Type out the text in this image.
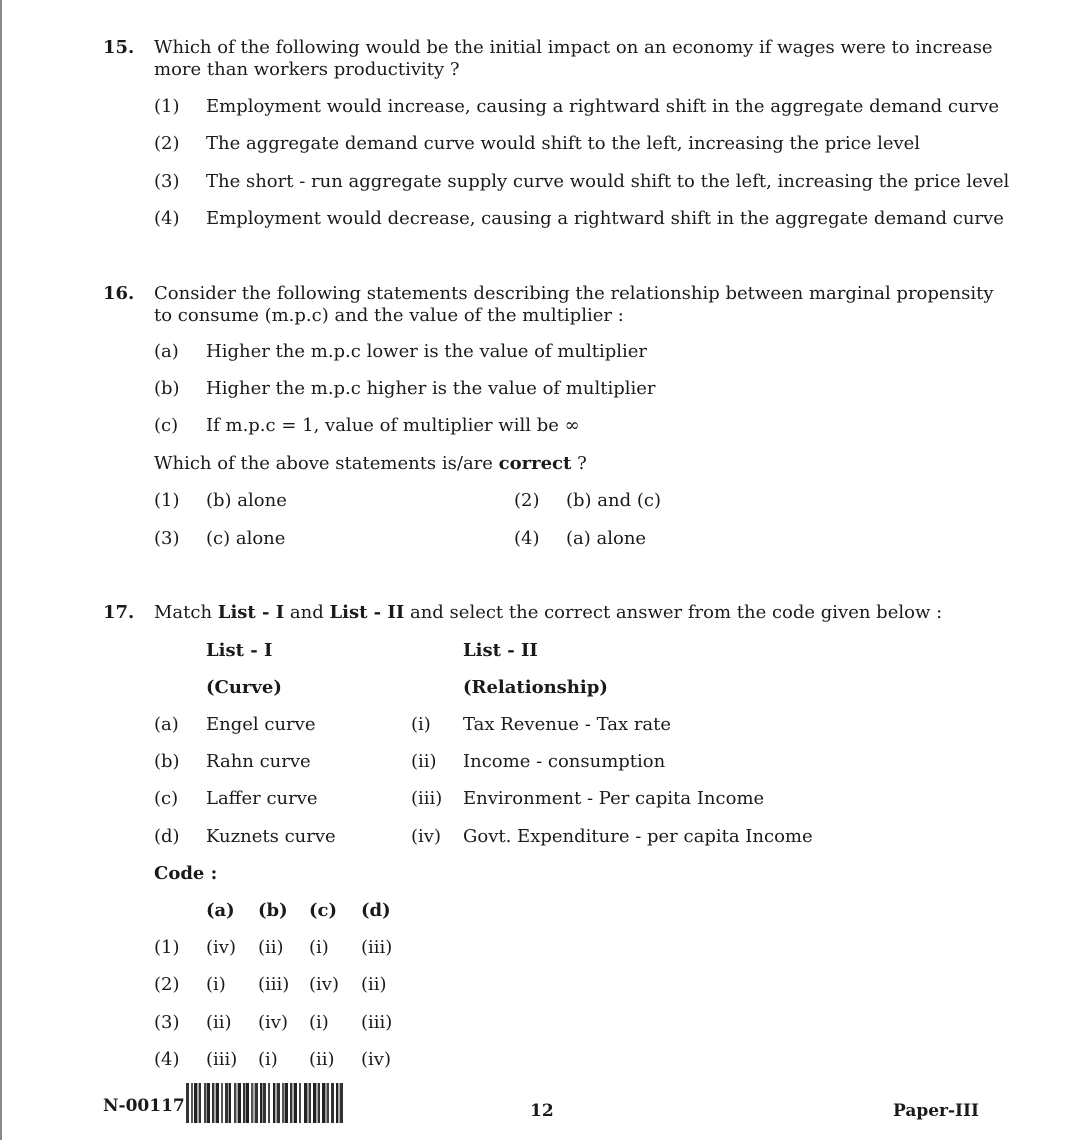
15. Which of the following would be the initial impact on an economy if wages were to increase
more than workers productivity ?
(1) Employment would increase, causing a rightward shift in the aggregate demand curve
(2) The aggregate demand curve would shift to the left, increasing the price level
(3) The short - run aggregate supply curve would shift to the left, increasing the price level
(4) Employment would decrease, causing a rightward shift in the aggregate demand curve
16. Consider the following statements describing the relationship between marginal propensity
to consume (m.p.c) and the value of the multiplier :
(a) Higher the m.p.c lower is the value of multiplier
(b) Higher the m.p.c higher is the value of multiplier
(c) If m.p.c = 1, value of multiplier will be ∞
Which of the above statements is/are correct ?
(1) (b) alone	(2) (b) and (c)
(3) (c) alone	(4) (a) alone
17. Match List - I and List - II and select the correct answer from the code given below :
List - I	List - II
(Curve)	(Relationship)
(a) Engel curve	(i) Tax Revenue - Tax rate
(b) Rahn curve	(ii) Income - consumption
(c) Laffer curve	(iii) Environment - Per capita Income
(d) Kuznets curve	(iv) Govt. Expenditure - per capita Income
Code :
(a) (b) (c) (d)
(1) (iv) (ii) (i) (iii)
(2) (i) (iii) (iv) (ii)
(3) (ii) (iv) (i) (iii)
(4) (iii) (i) (ii) (iv)
N-00117	12	Paper-III
